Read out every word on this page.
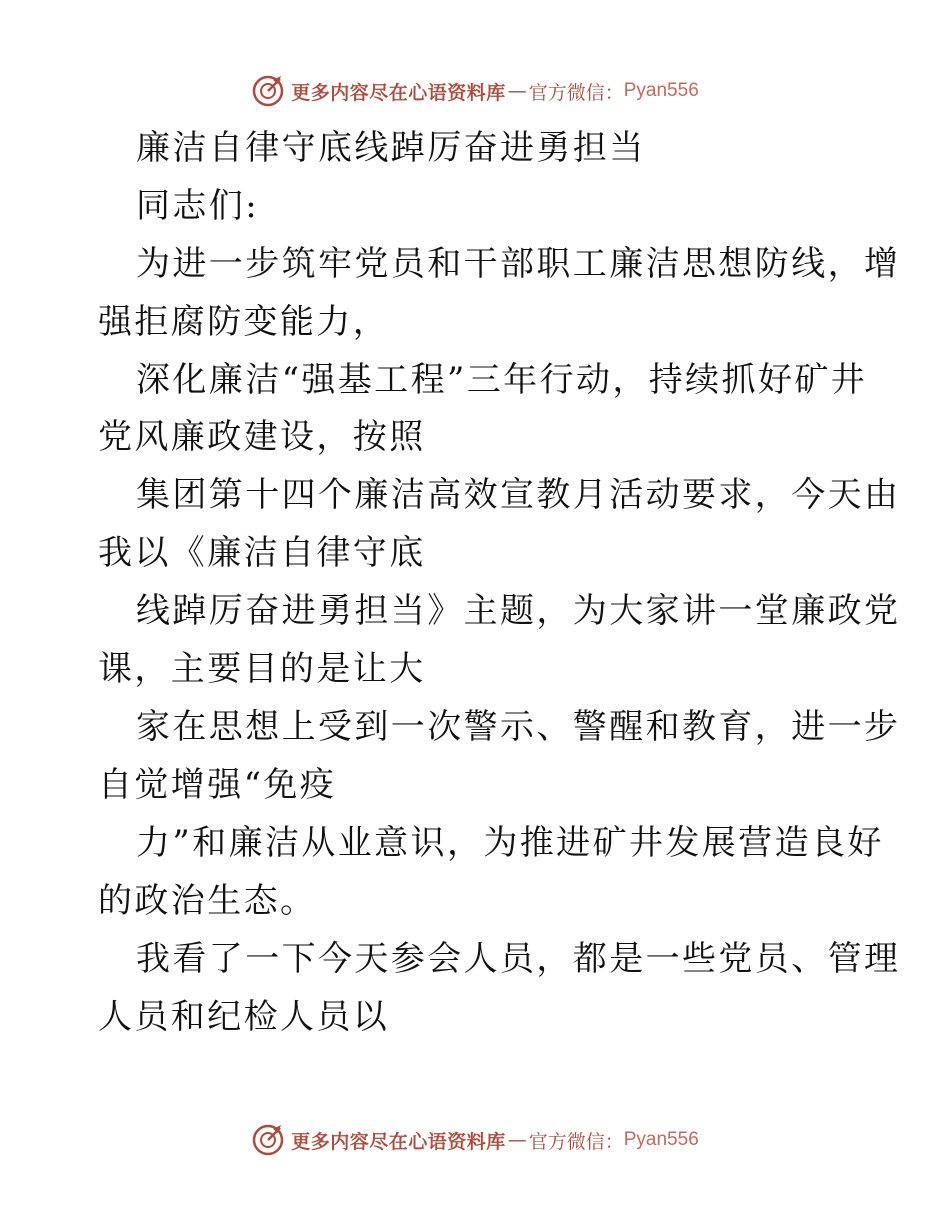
更多内容尽在心语资料库 — 官方微信： Pyan556
廉洁自律守底线踔厉奋进勇担当
同志们:
为进一步筑牢党员和干部职工廉洁思想防线，增
强拒腐防变能力，
深化廉洁“强基工程”三年行动，持续抓好矿井
党风廉政建设，按照
集团第十四个廉洁高效宣教月活动要求，今天由
我以《廉洁自律守底
线踔厉奋进勇担当》主题，为大家讲一堂廉政党
课，主要目的是让大
家在思想上受到一次警示、警醒和教育，进一步
自觉增强“免疫
力”和廉洁从业意识，为推进矿井发展营造良好
的政治生态。
我看了一下今天参会人员，都是一些党员、管理
人员和纪检人员以
更多内容尽在心语资料库 — 官方微信： Pyan556
